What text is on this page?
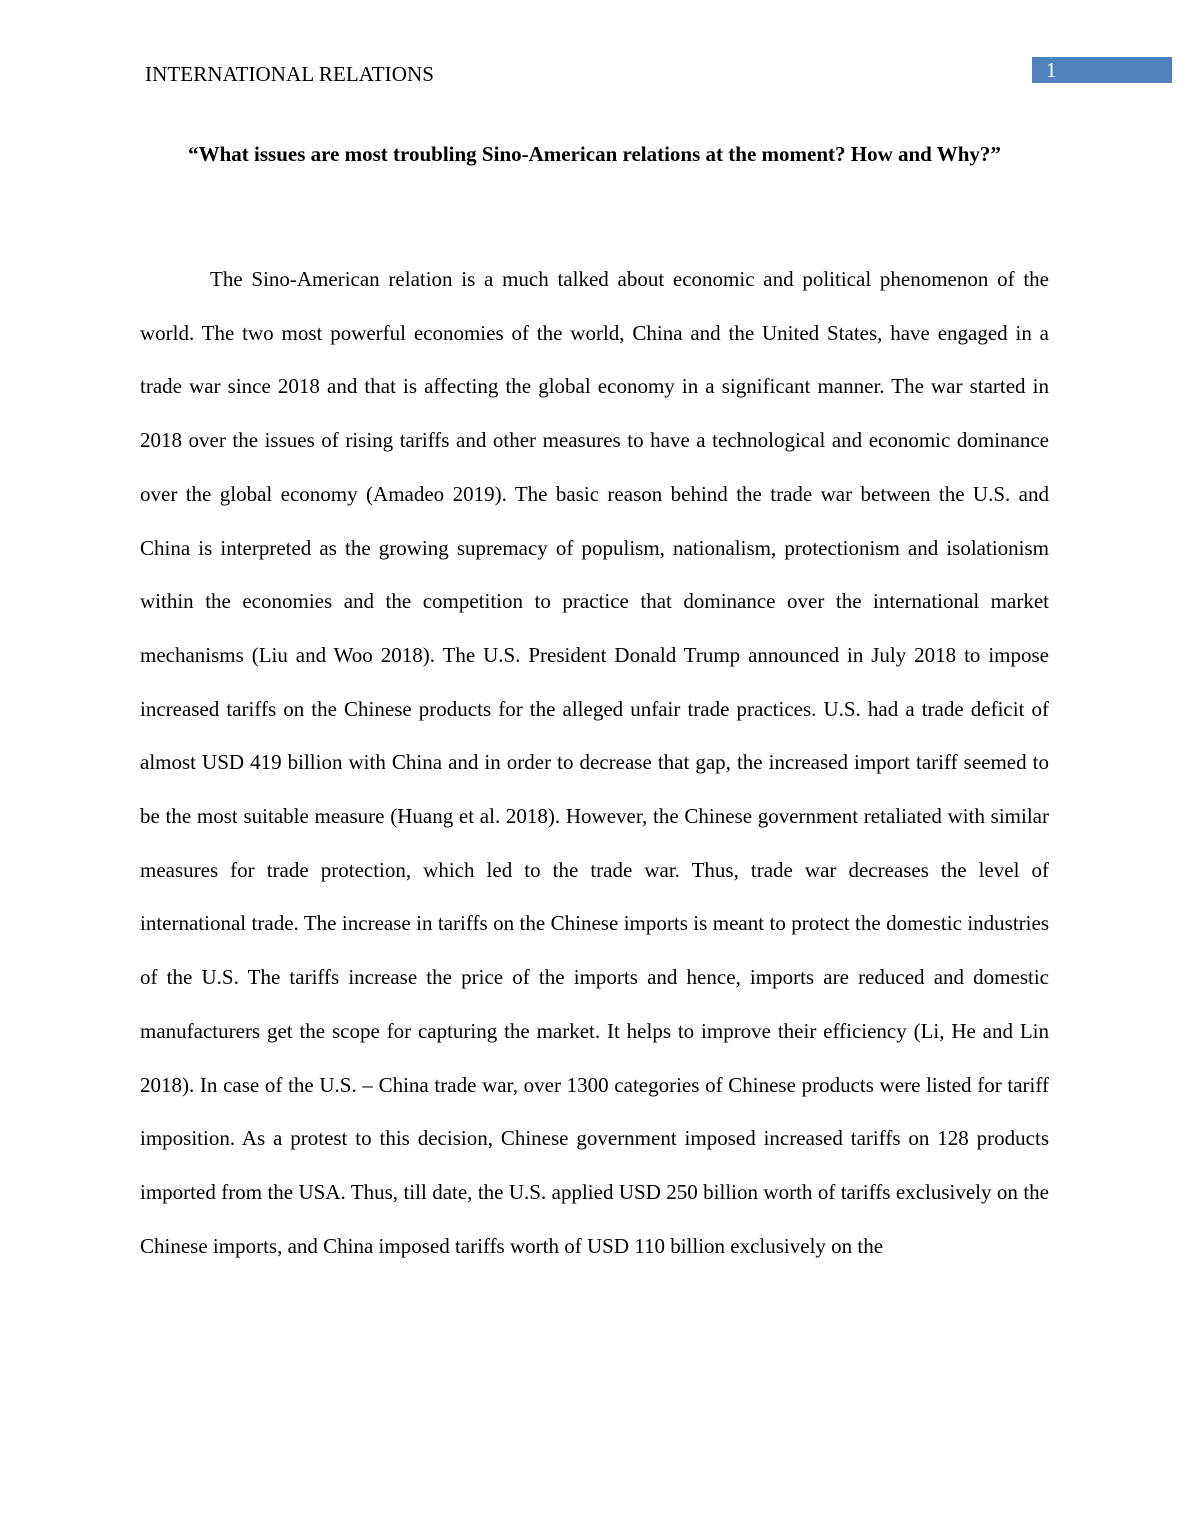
INTERNATIONAL RELATIONS	1
“What issues are most troubling Sino-American relations at the moment? How and Why?”

The Sino-American relation is a much talked about economic and political phenomenon of the world. The two most powerful economies of the world, China and the United States, have engaged in a trade war since 2018 and that is affecting the global economy in a significant manner. The war started in 2018 over the issues of rising tariffs and other measures to have a technological and economic dominance over the global economy (Amadeo 2019). The basic reason behind the trade war between the U.S. and China is interpreted as the growing supremacy of populism, nationalism, protectionism and isolationism within the economies and the competition to practice that dominance over the international market mechanisms (Liu and Woo 2018). The U.S. President Donald Trump announced in July 2018 to impose increased tariffs on the Chinese products for the alleged unfair trade practices. U.S. had a trade deficit of almost USD 419 billion with China and in order to decrease that gap, the increased import tariff seemed to be the most suitable measure (Huang et al. 2018). However, the Chinese government retaliated with similar measures for trade protection, which led to the trade war. Thus, trade war decreases the level of international trade. The increase in tariffs on the Chinese imports is meant to protect the domestic industries of the U.S. The tariffs increase the price of the imports and hence, imports are reduced and domestic manufacturers get the scope for capturing the market. It helps to improve their efficiency (Li, He and Lin 2018). In case of the U.S. – China trade war, over 1300 categories of Chinese products were listed for tariff imposition. As a protest to this decision, Chinese government imposed increased tariffs on 128 products imported from the USA. Thus, till date, the U.S. applied USD 250 billion worth of tariffs exclusively on the Chinese imports, and China imposed tariffs worth of USD 110 billion exclusively on the
